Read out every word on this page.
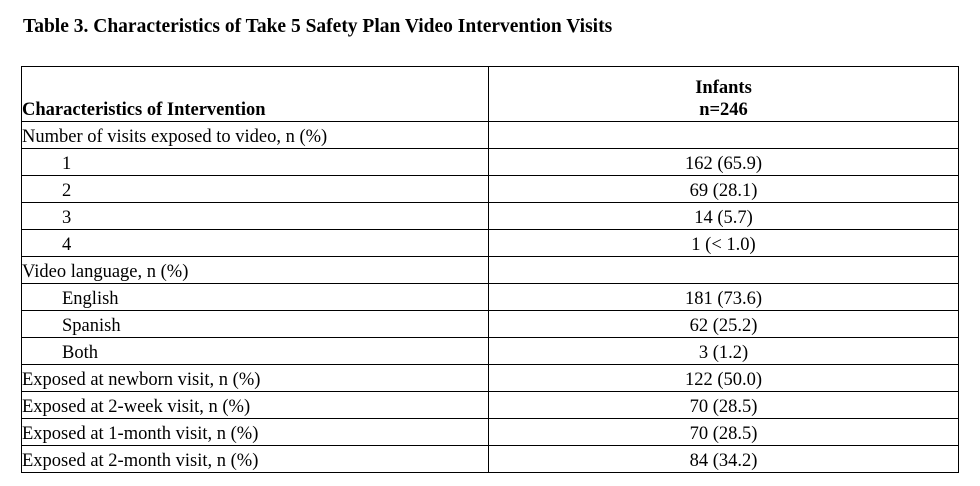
Table 3. Characteristics of Take 5 Safety Plan Video Intervention Visits
Characteristics of Intervention	Infants
n=246

Number of visits exposed to video, n (%)	
1	162 (65.9)
2	69 (28.1)
3	14 (5.7)
4	1 (< 1.0)
Video language, n (%)	
English	181 (73.6)
Spanish	62 (25.2)
Both	3 (1.2)
Exposed at newborn visit, n (%)	122 (50.0)
Exposed at 2-week visit, n (%)	70 (28.5)
Exposed at 1-month visit, n (%)	70 (28.5)
Exposed at 2-month visit, n (%)	84 (34.2)
